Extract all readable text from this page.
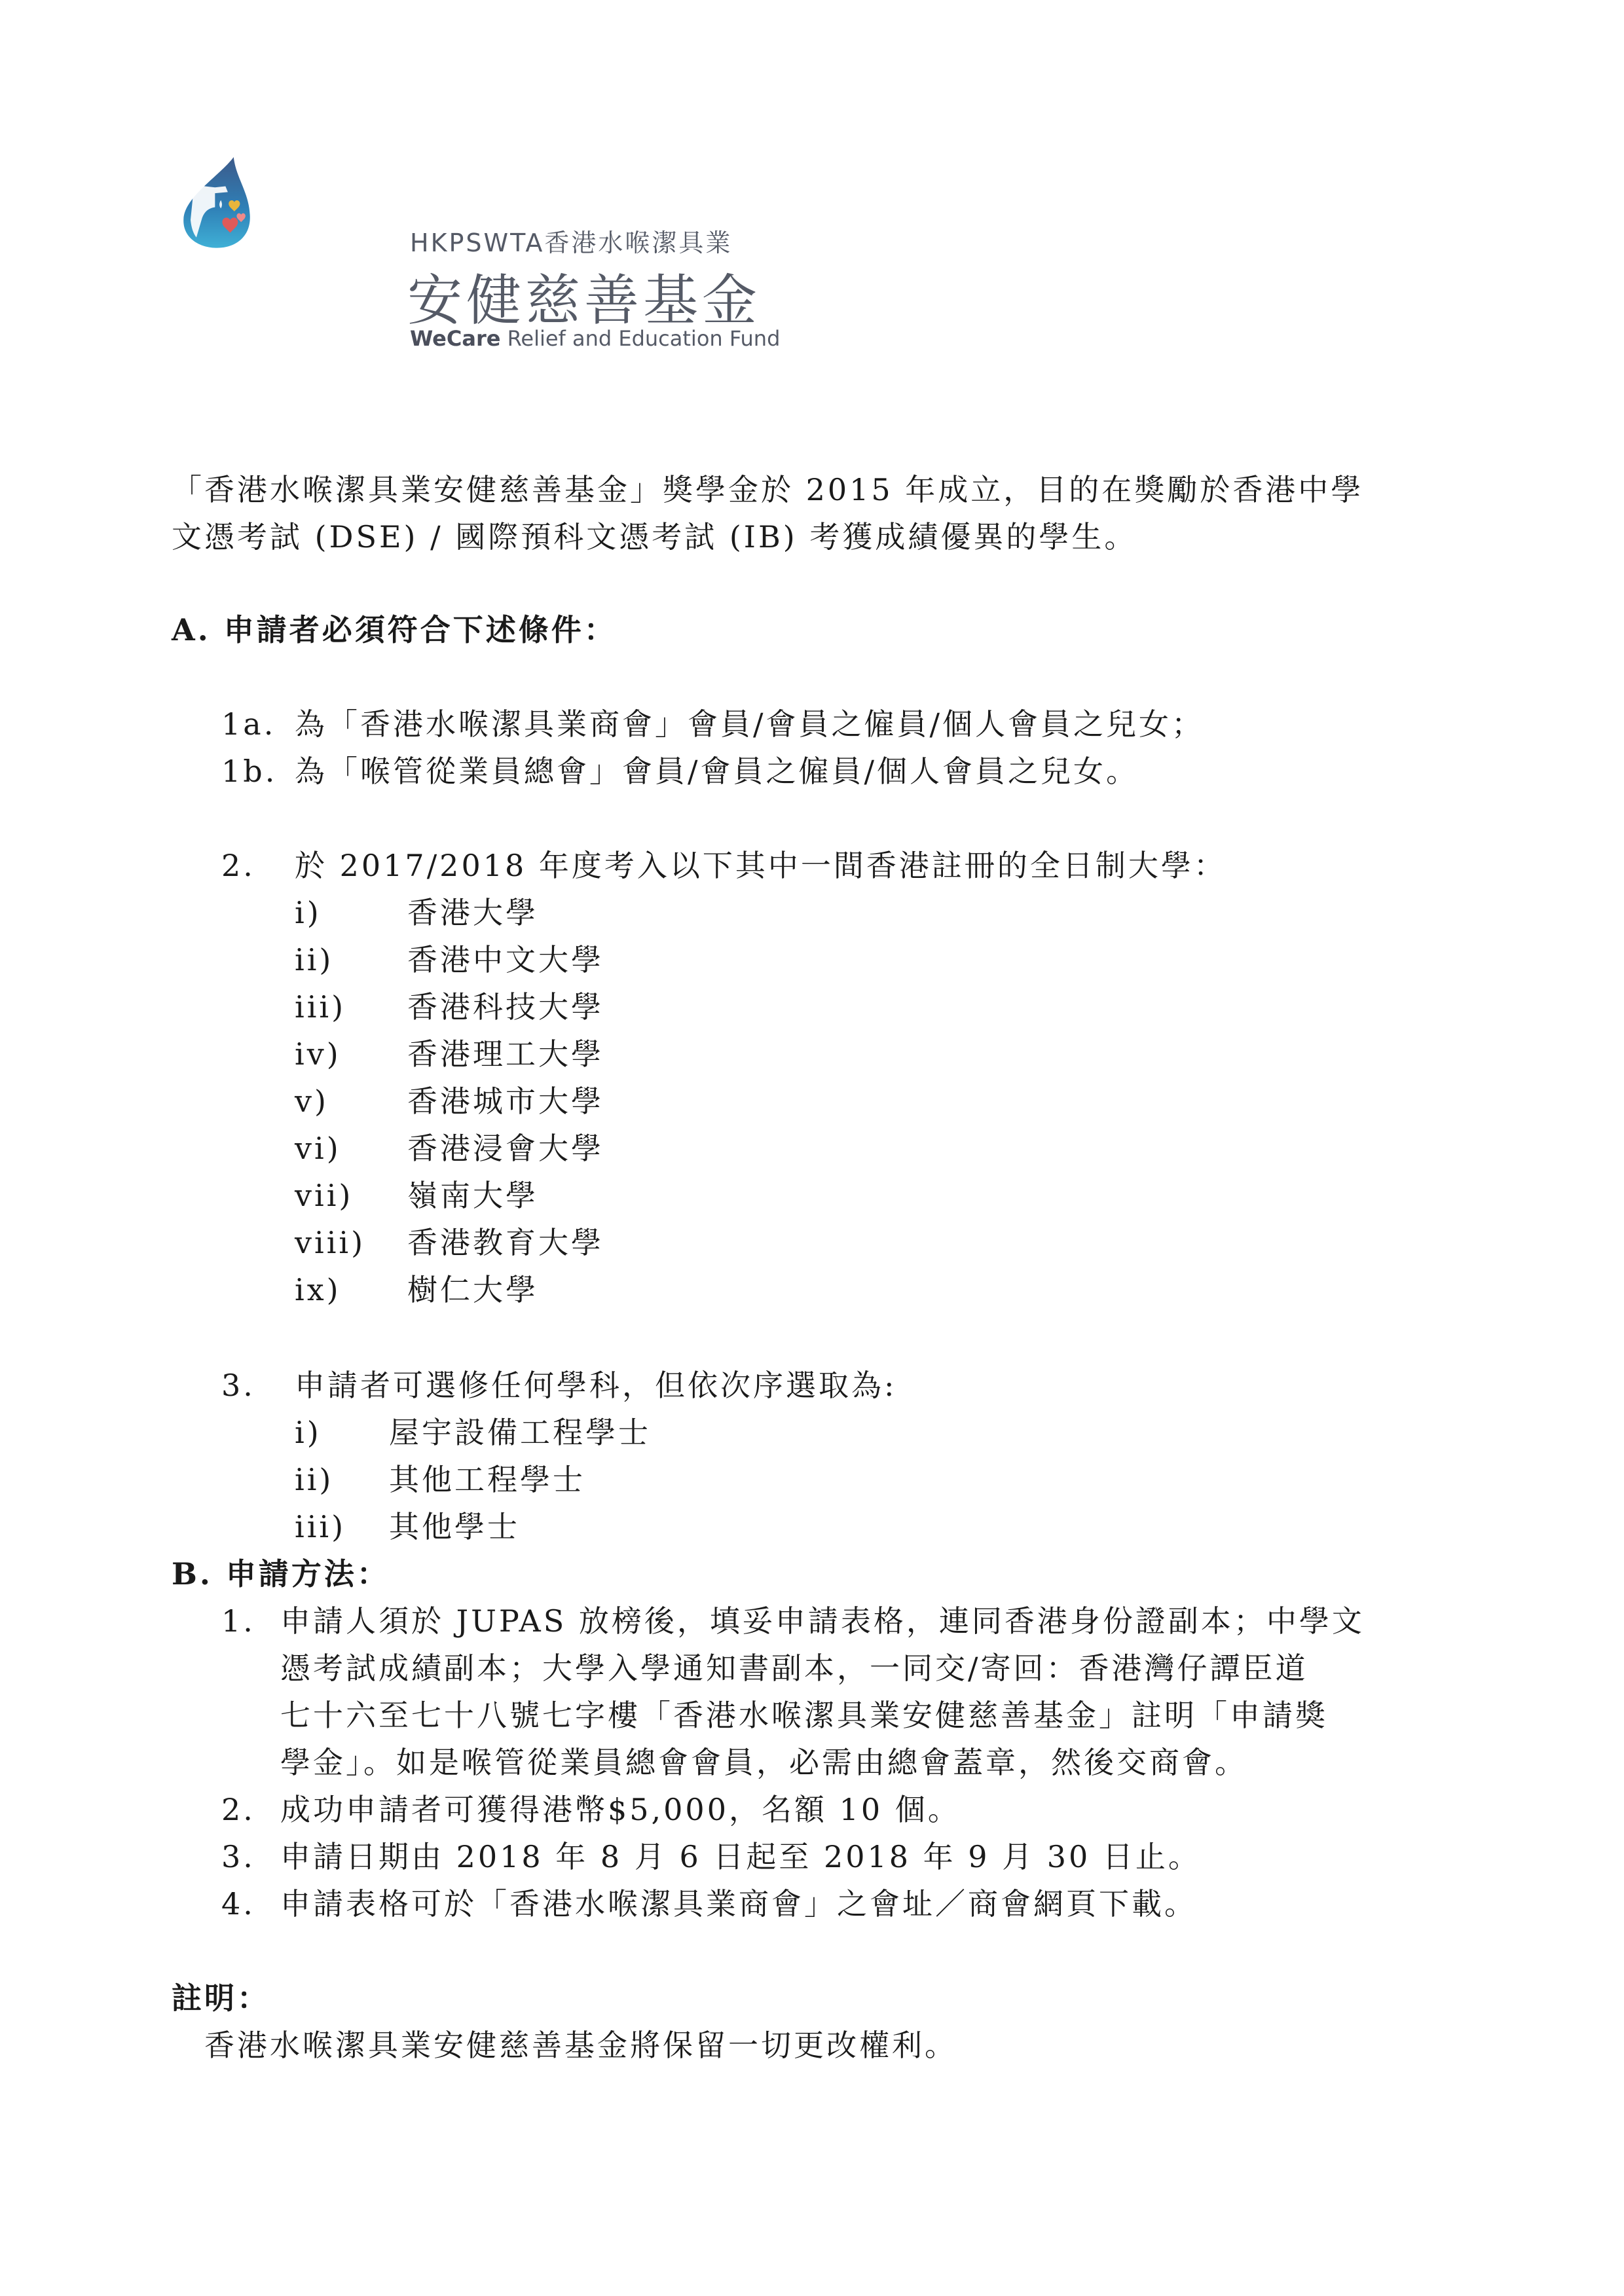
HKPSWTA香港水喉潔具業
安健慈善基金
WeCare Relief and Education Fund
「香港水喉潔具業安健慈善基金」獎學金於 2015 年成立，目的在獎勵於香港中學
文憑考試 (DSE) / 國際預科文憑考試 (IB) 考獲成績優異的學生。
A. 申請者必須符合下述條件：
1a. 為「香港水喉潔具業商會」會員/會員之僱員/個人會員之兒女；
1b. 為「喉管從業員總會」會員/會員之僱員/個人會員之兒女。
2. 於 2017/2018 年度考入以下其中一間香港註冊的全日制大學：
i)	香港大學
ii) 香港中文大學
iii) 香港科技大學
iv) 香港理工大學
v)	香港城市大學
vi) 香港浸會大學
vii) 嶺南大學
viii) 香港教育大學
ix) 樹仁大學
3. 申請者可選修任何學科，但依次序選取為:
i) 屋宇設備工程學士
ii) 其他工程學士
iii) 其他學士
B. 申請方法：
1. 申請人須於 JUPAS 放榜後，填妥申請表格，連同香港身份證副本；中學文
憑考試成績副本；大學入學通知書副本，一同交/寄回：香港灣仔譚臣道
七十六至七十八號七字樓「香港水喉潔具業安健慈善基金」註明「申請獎
學金」。如是喉管從業員總會會員，必需由總會蓋章，然後交商會。
2. 成功申請者可獲得港幣$5,000，名額 10 個。
3. 申請日期由 2018 年 8 月 6 日起至 2018 年 9 月 30 日止。
4. 申請表格可於「香港水喉潔具業商會」之會址／商會網頁下載。
註明：
香港水喉潔具業安健慈善基金將保留一切更改權利。
